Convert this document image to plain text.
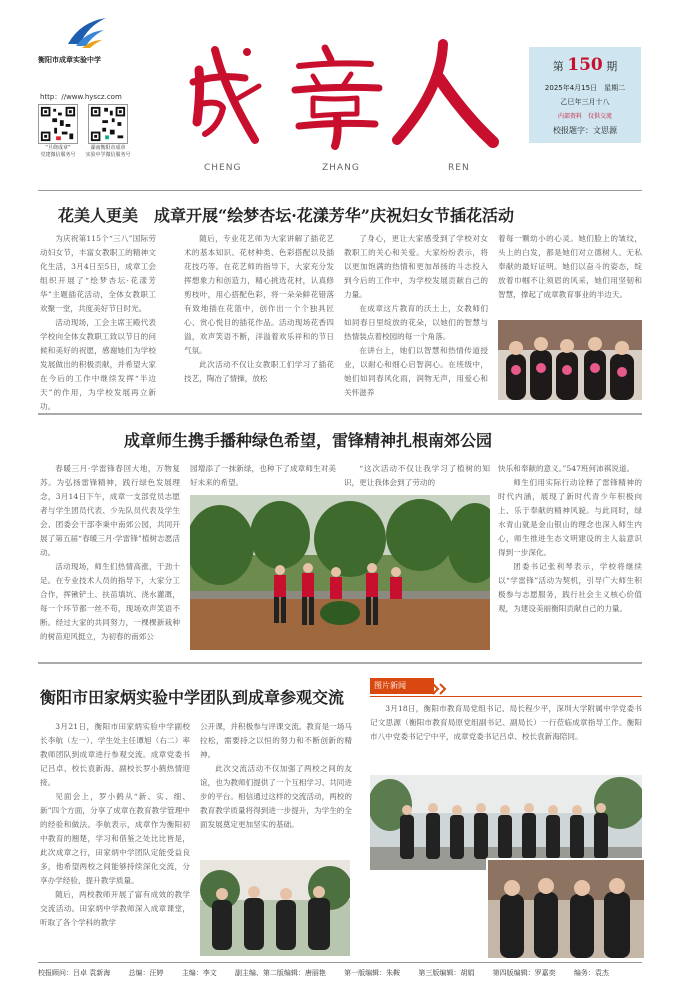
衡阳市成章实验中学
http：//www.hyscz.com
“旦绕成章”
党建微信服务号
湖南衡阳市成章
实验中学微信服务号
CHENG	ZHANG	REN
第 150 期
2025年4月15日　星期二
乙巳年三月十八
内部资料　仅供交流
校报题字：文思源
花美人更美　成章开展“绘梦杏坛·花漾芳华”庆祝妇女节插花活动

为庆祝第115个“三八”国际劳动妇女节，丰富女教职工的精神文化生活，3月4日至5日，成章工会组织开展了“绘梦杏坛·花漾芳华”主题插花活动，全体女教职工欢聚一堂，共度美好节日时光。

活动现场，工会主席王殿代表学校向全体女教职工致以节日的问候和美好的祝愿，感谢她们为学校发展做出的积极贡献，并希望大家在今后的工作中继续发挥“半边天”的作用，为学校发展再立新功。

随后，专业花艺师为大家讲解了插花艺术的基本知识、花材种类、色彩搭配以及插花技巧等。在花艺师的指导下，大家充分发挥想象力和创造力，精心挑选花材，认真修剪枝叶，用心搭配色彩，将一朵朵鲜花错落有致地插在花篮中，创作出一个个独具匠心、赏心悦目的插花作品。活动现场花香四溢，欢声笑语不断，洋溢着欢乐祥和的节日气氛。

此次活动不仅让女教职工们学习了插花技艺，陶冶了情操，放松

了身心，更让大家感受到了学校对女教职工的关心和关爱。大家纷纷表示，将以更加饱满的热情和更加昂扬的斗志投入到今后的工作中，为学校发展贡献自己的力量。

在成章这片教育的沃土上，女教师们如同春日里绽放的花朵，以她们的智慧与热情装点着校园的每一个角落。

在讲台上，她们以智慧和热情传道授业，以耐心和细心启智润心。在班级中，她们如同春风化雨，润物无声，用爱心和关怀滋养

着每一颗幼小的心灵。她们脸上的皱纹，头上的白发，都是她们对立德树人、无私奉献的最好证明。她们以奋斗的姿态，绽放着巾帼不让须眉的风采，她们用坚韧和智慧，撑起了成章教育事业的半边天。

成章师生携手播种绿色希望，雷锋精神扎根南郊公园

春暖三月·学雷锋春回大地，万物复苏。为弘扬雷锋精神，践行绿色发展理念，3月14日下午，成章一支部党员志愿者与学生团员代表、少先队员代表及学生会、团委会干部李秉中南郊公园，共同开展了第五届“春暖三月·学雷锋”植树志愿活动。

活动现场，师生们热情高涨，干劲十足。在专业技术人员的指导下，大家分工合作，挥锹铲土、扶苗填坑、浇水灌溉，每一个环节都一丝不苟，现场欢声笑语不断。经过大家的共同努力，一棵棵新栽种的树苗迎风挺立，为初春的南郊公

园增添了一抹新绿，也种下了成章师生对美好未来的希望。

“这次活动不仅让我学习了植树的知识，更让我体会到了劳动的

快乐和奉献的意义。”547班何沛祺说道。

师生们用实际行动诠释了雷锋精神的时代内涵，展现了新时代青少年积极向上、乐于奉献的精神风貌。与此同时，绿水青山就是金山银山的理念也深入师生内心，师生推进生态文明建设的主人翁意识得到一步深化。

团委书记张利琴表示，学校将继续以“学雷锋”活动为契机，引导广大师生积极参与志愿服务，践行社会主义核心价值观，为建设美丽衡阳贡献自己的力量。

衡阳市田家炳实验中学团队到成章参观交流

3月21日，衡阳市田家炳实验中学副校长李航（左一）、学生处主任谭旭（右二）率教师团队到成章进行参观交流。成章党委书记吕卓、校长袁新海、副校长罗小鹤热情迎接。

见面会上，罗小鹤从“新、实、细、新”四个方面，分享了成章在教育教学管理中的经验和做法。李航表示，成章作为衡阳初中教育的翘楚，学习和借鉴之处比比皆是，此次成章之行，田家炳中学团队定能受益良多，他希望两校之间能够持续深化交流，分享办学经验，提升教学质量。

随后，两校教师开展了富有成效的教学交流活动。田家炳中学教师深入成章课堂，听取了各个学科的教学

公开课，并积极参与评课交流。教育是一场马拉松，需要持之以恒的努力和不断创新的精神。

此次交流活动不仅加强了两校之间的友谊，也为教师们提供了一个互相学习、共同进步的平台。相信通过这样的交流活动，两校的教育教学质量将得到进一步提升，为学生的全面发展奠定更加坚实的基础。

图片新闻

3月18日，衡阳市教育局党组书记、局长程少平，深圳大学附属中学党委书记文思源（衡阳市教育局原党组副书记、副局长）一行莅临成章指导工作。衡阳市八中党委书记宁中平，成章党委书记吕卓、校长袁新海陪同。

校报顾问：吕卓 袁新海	总编：汪婷	主编：李文	副主编、第二版编辑：唐丽艳	第一版编辑：朱鞍	第三版编辑：胡娟	第四版编辑：罗嘉奕	编务：袁杰
